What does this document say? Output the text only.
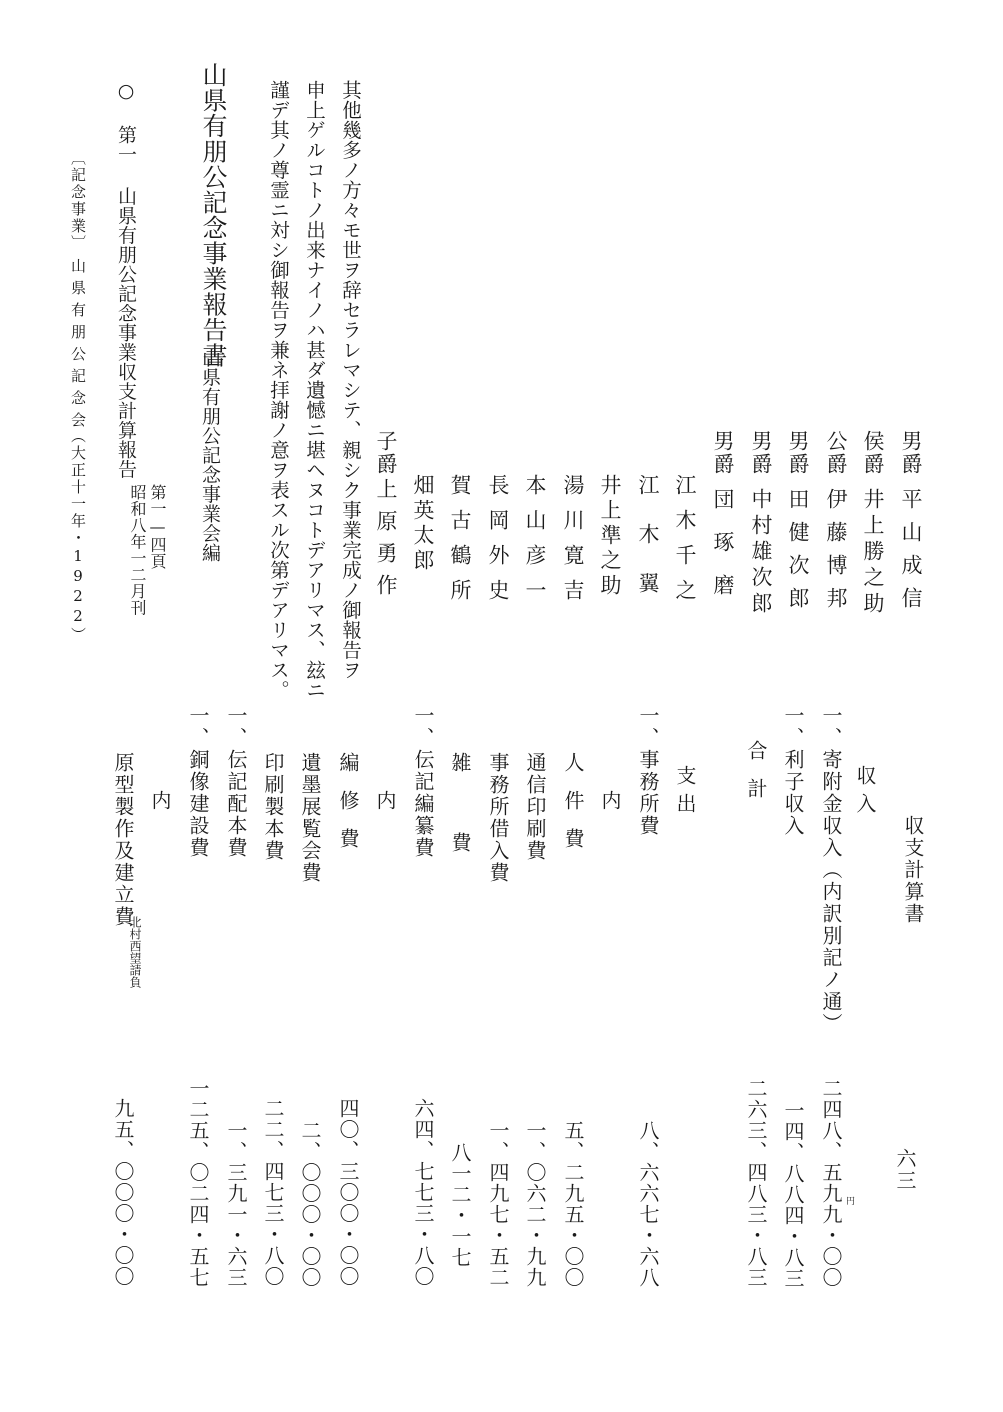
男爵平山成信
侯爵井上勝之助
公爵伊藤博邦
男爵田健次郎
男爵中村雄次郎
男爵団琢磨
江木千之
江木翼
井上準之助
湯川寛吉
本山彦一
長岡外史
賀古鶴所
畑英太郎
子爵上原勇作
其他幾多ノ方々モ世ヲ辞セラレマシテ、親シク事業完成ノ御報告ヲ
申上ゲルコトノ出来ナイノハ甚ダ遺憾ニ堪ヘヌコトデアリマス、玆ニ
謹デ其ノ尊霊ニ対シ御報告ヲ兼ネ拝謝ノ意ヲ表スル次第デアリマス。
山県有朋公記念事業報告書
山県有朋公記念事業会編
第一—四頁
昭和八年一二月刊
○ 第一 山県有朋公記念事業収支計算報告
〔記念事業〕
山県有朋公記念会
（大正十一年・1922）
収支計算書
収入
一、寄附金収入（内訳別記ノ通）
二四八、五九九・〇〇 円
一、利子収入
一四、八八四・八三
合計
二六三、四八三・八三
支出
一、事務所費
八、六六七・六八
内
人件費
五、二九五・〇〇
通信印刷費
一、〇六二・九九
事務所借入費
一、四九七・五二
雑費
八一二・一七
一、伝記編纂費
六四、七七三・八〇
内
編修費
四〇、三〇〇・〇〇
遺墨展覧会費
二、〇〇〇・〇〇
印刷製本費
二二、四七三・八〇
一、伝記配本費
一、三九一・六三
一、銅像建設費
一二五、〇二四・五七
内
原型製作及建立費
北村西望請負
九五、〇〇〇・〇〇	六三
